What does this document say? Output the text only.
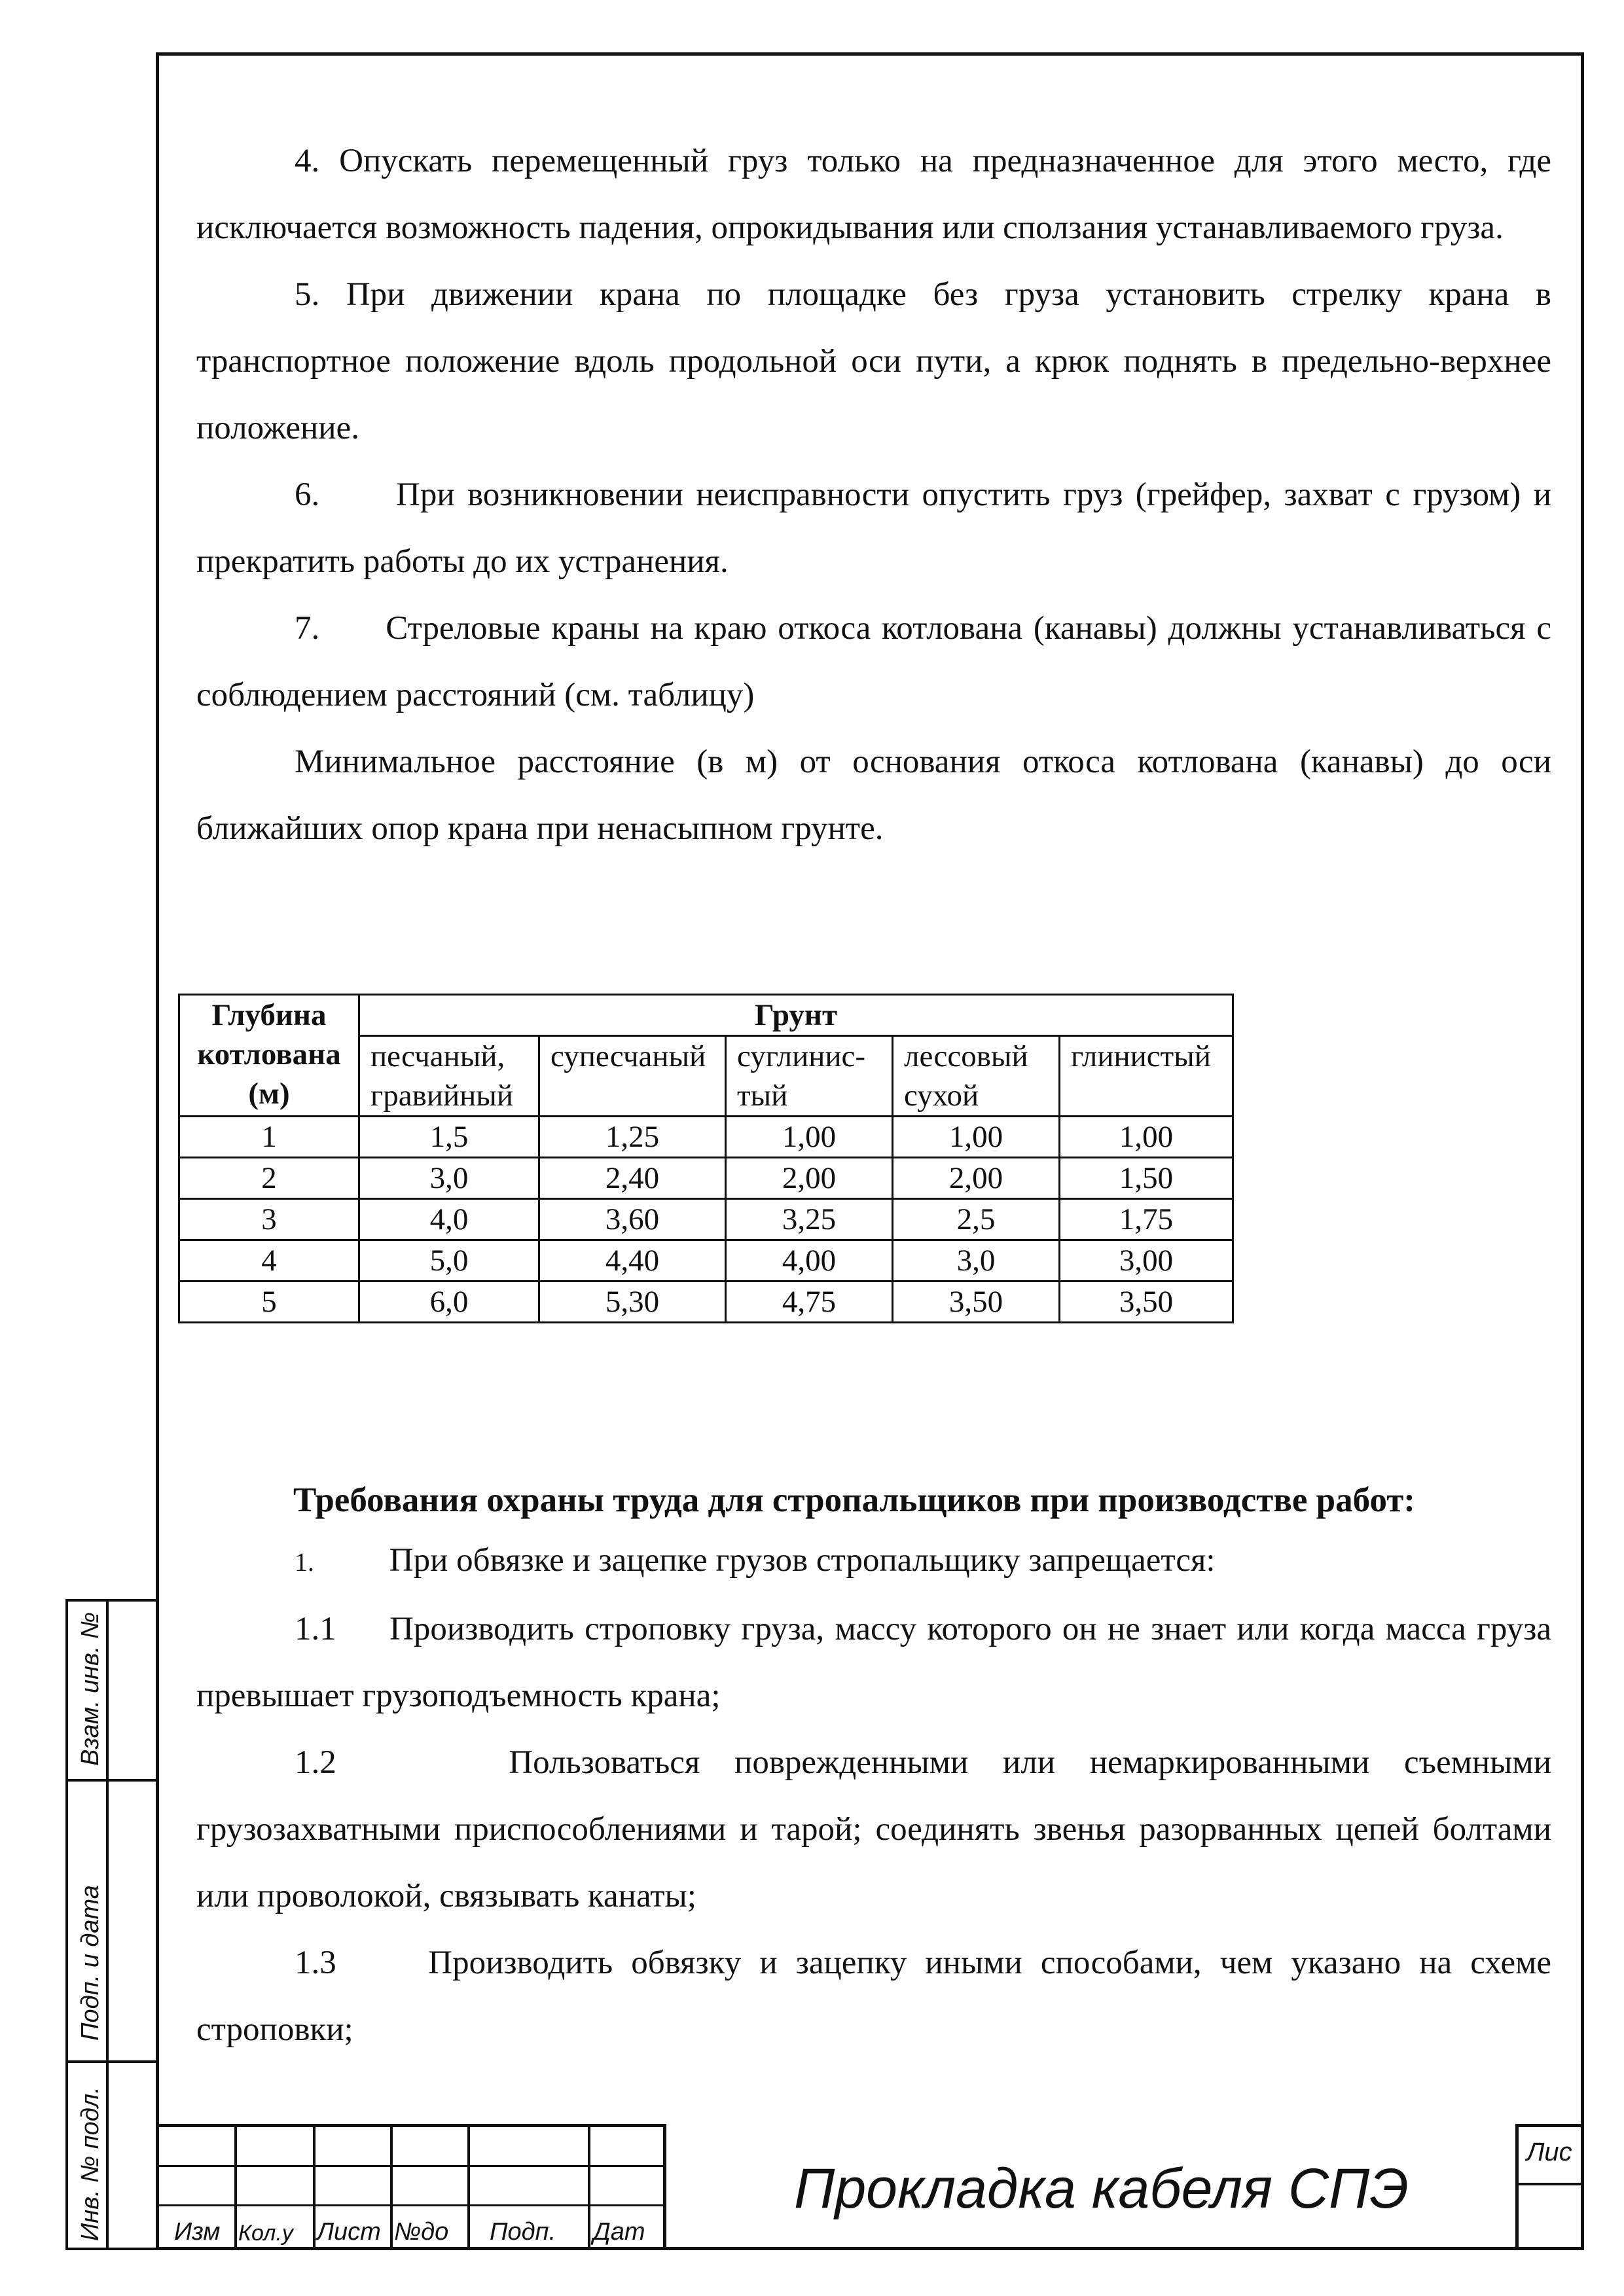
Взам. инв. №
Подп. и дата
Инв. № подл.

4. Опускать перемещенный груз только на предназначенное для этого место, где исключается возможность падения, опрокидывания или сползания устанавливаемого груза.

5. При движении крана по площадке без груза установить стрелку крана в транспортное положение вдоль продольной оси пути, а крюк поднять в предельно-верхнее положение.

6. При возникновении неисправности опустить груз (грейфер, захват с грузом) и прекратить работы до их устранения.

7. Стреловые краны на краю откоса котлована (канавы) должны устанавливаться с соблюдением расстояний (см. таблицу)

Минимальное расстояние (в м) от основания откоса котлована (канавы) до оси ближайших опор крана при ненасыпном грунте.

Глубина котлована (м)	Грунт				
	песчаный, гравийный	супесчаный	суглинис-тый	лессовый сухой	глинистый
1	1,5	1,25	1,00	1,00	1,00
2	3,0	2,40	2,00	2,00	1,50
3	4,0	3,60	3,25	2,5	1,75
4	5,0	4,40	4,00	3,0	3,00
5	6,0	5,30	4,75	3,50	3,50
Требования охраны труда для стропальщиков при производстве работ:

1. При обвязке и зацепке грузов стропальщику запрещается:

1.1 Производить строповку груза, массу которого он не знает или когда масса груза превышает грузоподъемность крана;

1.2	Пользоваться поврежденными или немаркированными съемными грузозахватными приспособлениями и тарой; соединять звенья разорванных цепей болтами или проволокой, связывать канаты;

1.3	Производить обвязку и зацепку иными способами, чем указано на схеме строповки;

Изм Кол.у Лист №до Подп. Дат
Прокладка кабеля СПЭ
Лис
